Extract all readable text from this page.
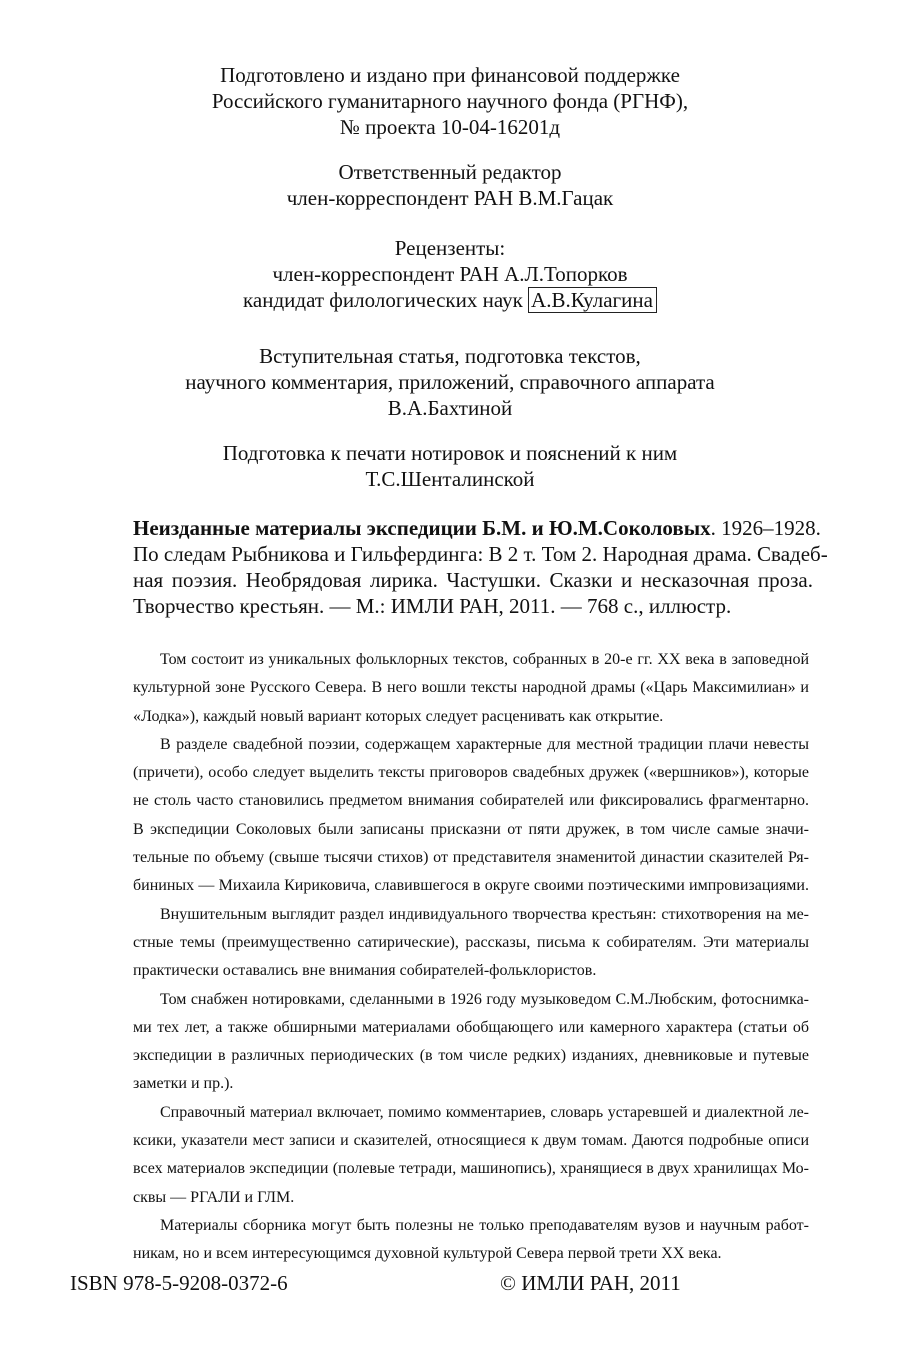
Подготовлено и издано при финансовой поддержке
Российского гуманитарного научного фонда (РГНФ),
№ проекта 10-04-16201д
Ответственный редактор
член-корреспондент РАН В.М.Гацак
Рецензенты:
член-корреспондент РАН А.Л.Топорков
кандидат филологических наук А.В.Кулагина
Вступительная статья, подготовка текстов,
научного комментария, приложений, справочного аппарата
В.А.Бахтиной
Подготовка к печати нотировок и пояснений к ним
Т.С.Шенталинской
Неизданные материалы экспедиции Б.М. и Ю.М.Соколовых. 1926–1928.
По следам Рыбникова и Гильфердинга: В 2 т. Том 2. Народная драма. Свадеб-
ная поэзия. Необрядовая лирика. Частушки. Сказки и несказочная проза.
Творчество крестьян. — М.: ИМЛИ РАН, 2011. — 768 с., иллюстр.
Том состоит из уникальных фольклорных текстов, собранных в 20-е гг. XX века в заповедной
культурной зоне Русского Севера. В него вошли тексты народной драмы («Царь Максимилиан» и
«Лодка»), каждый новый вариант которых следует расценивать как открытие.
В разделе свадебной поэзии, содержащем характерные для местной традиции плачи невесты
(причети), особо следует выделить тексты приговоров свадебных дружек («вершников»), которые
не столь часто становились предметом внимания собирателей или фиксировались фрагментарно.
В экспедиции Соколовых были записаны присказни от пяти дружек, в том числе самые значи-
тельные по объему (свыше тысячи стихов) от представителя знаменитой династии сказителей Ря-
бининых — Михаила Кириковича, славившегося в округе своими поэтическими импровизациями.
Внушительным выглядит раздел индивидуального творчества крестьян: стихотворения на ме-
стные темы (преимущественно сатирические), рассказы, письма к собирателям. Эти материалы
практически оставались вне внимания собирателей-фольклористов.
Том снабжен нотировками, сделанными в 1926 году музыковедом С.М.Любским, фотоснимка-
ми тех лет, а также обширными материалами обобщающего или камерного характера (статьи об
экспедиции в различных периодических (в том числе редких) изданиях, дневниковые и путевые
заметки и пр.).
Справочный материал включает, помимо комментариев, словарь устаревшей и диалектной ле-
ксики, указатели мест записи и сказителей, относящиеся к двум томам. Даются подробные описи
всех материалов экспедиции (полевые тетради, машинопись), хранящиеся в двух хранилищах Мо-
сквы — РГАЛИ и ГЛМ.
Материалы сборника могут быть полезны не только преподавателям вузов и научным работ-
никам, но и всем интересующимся духовной культурой Севера первой трети XX века.
ISBN 978-5-9208-0372-6	© ИМЛИ РАН, 2011
